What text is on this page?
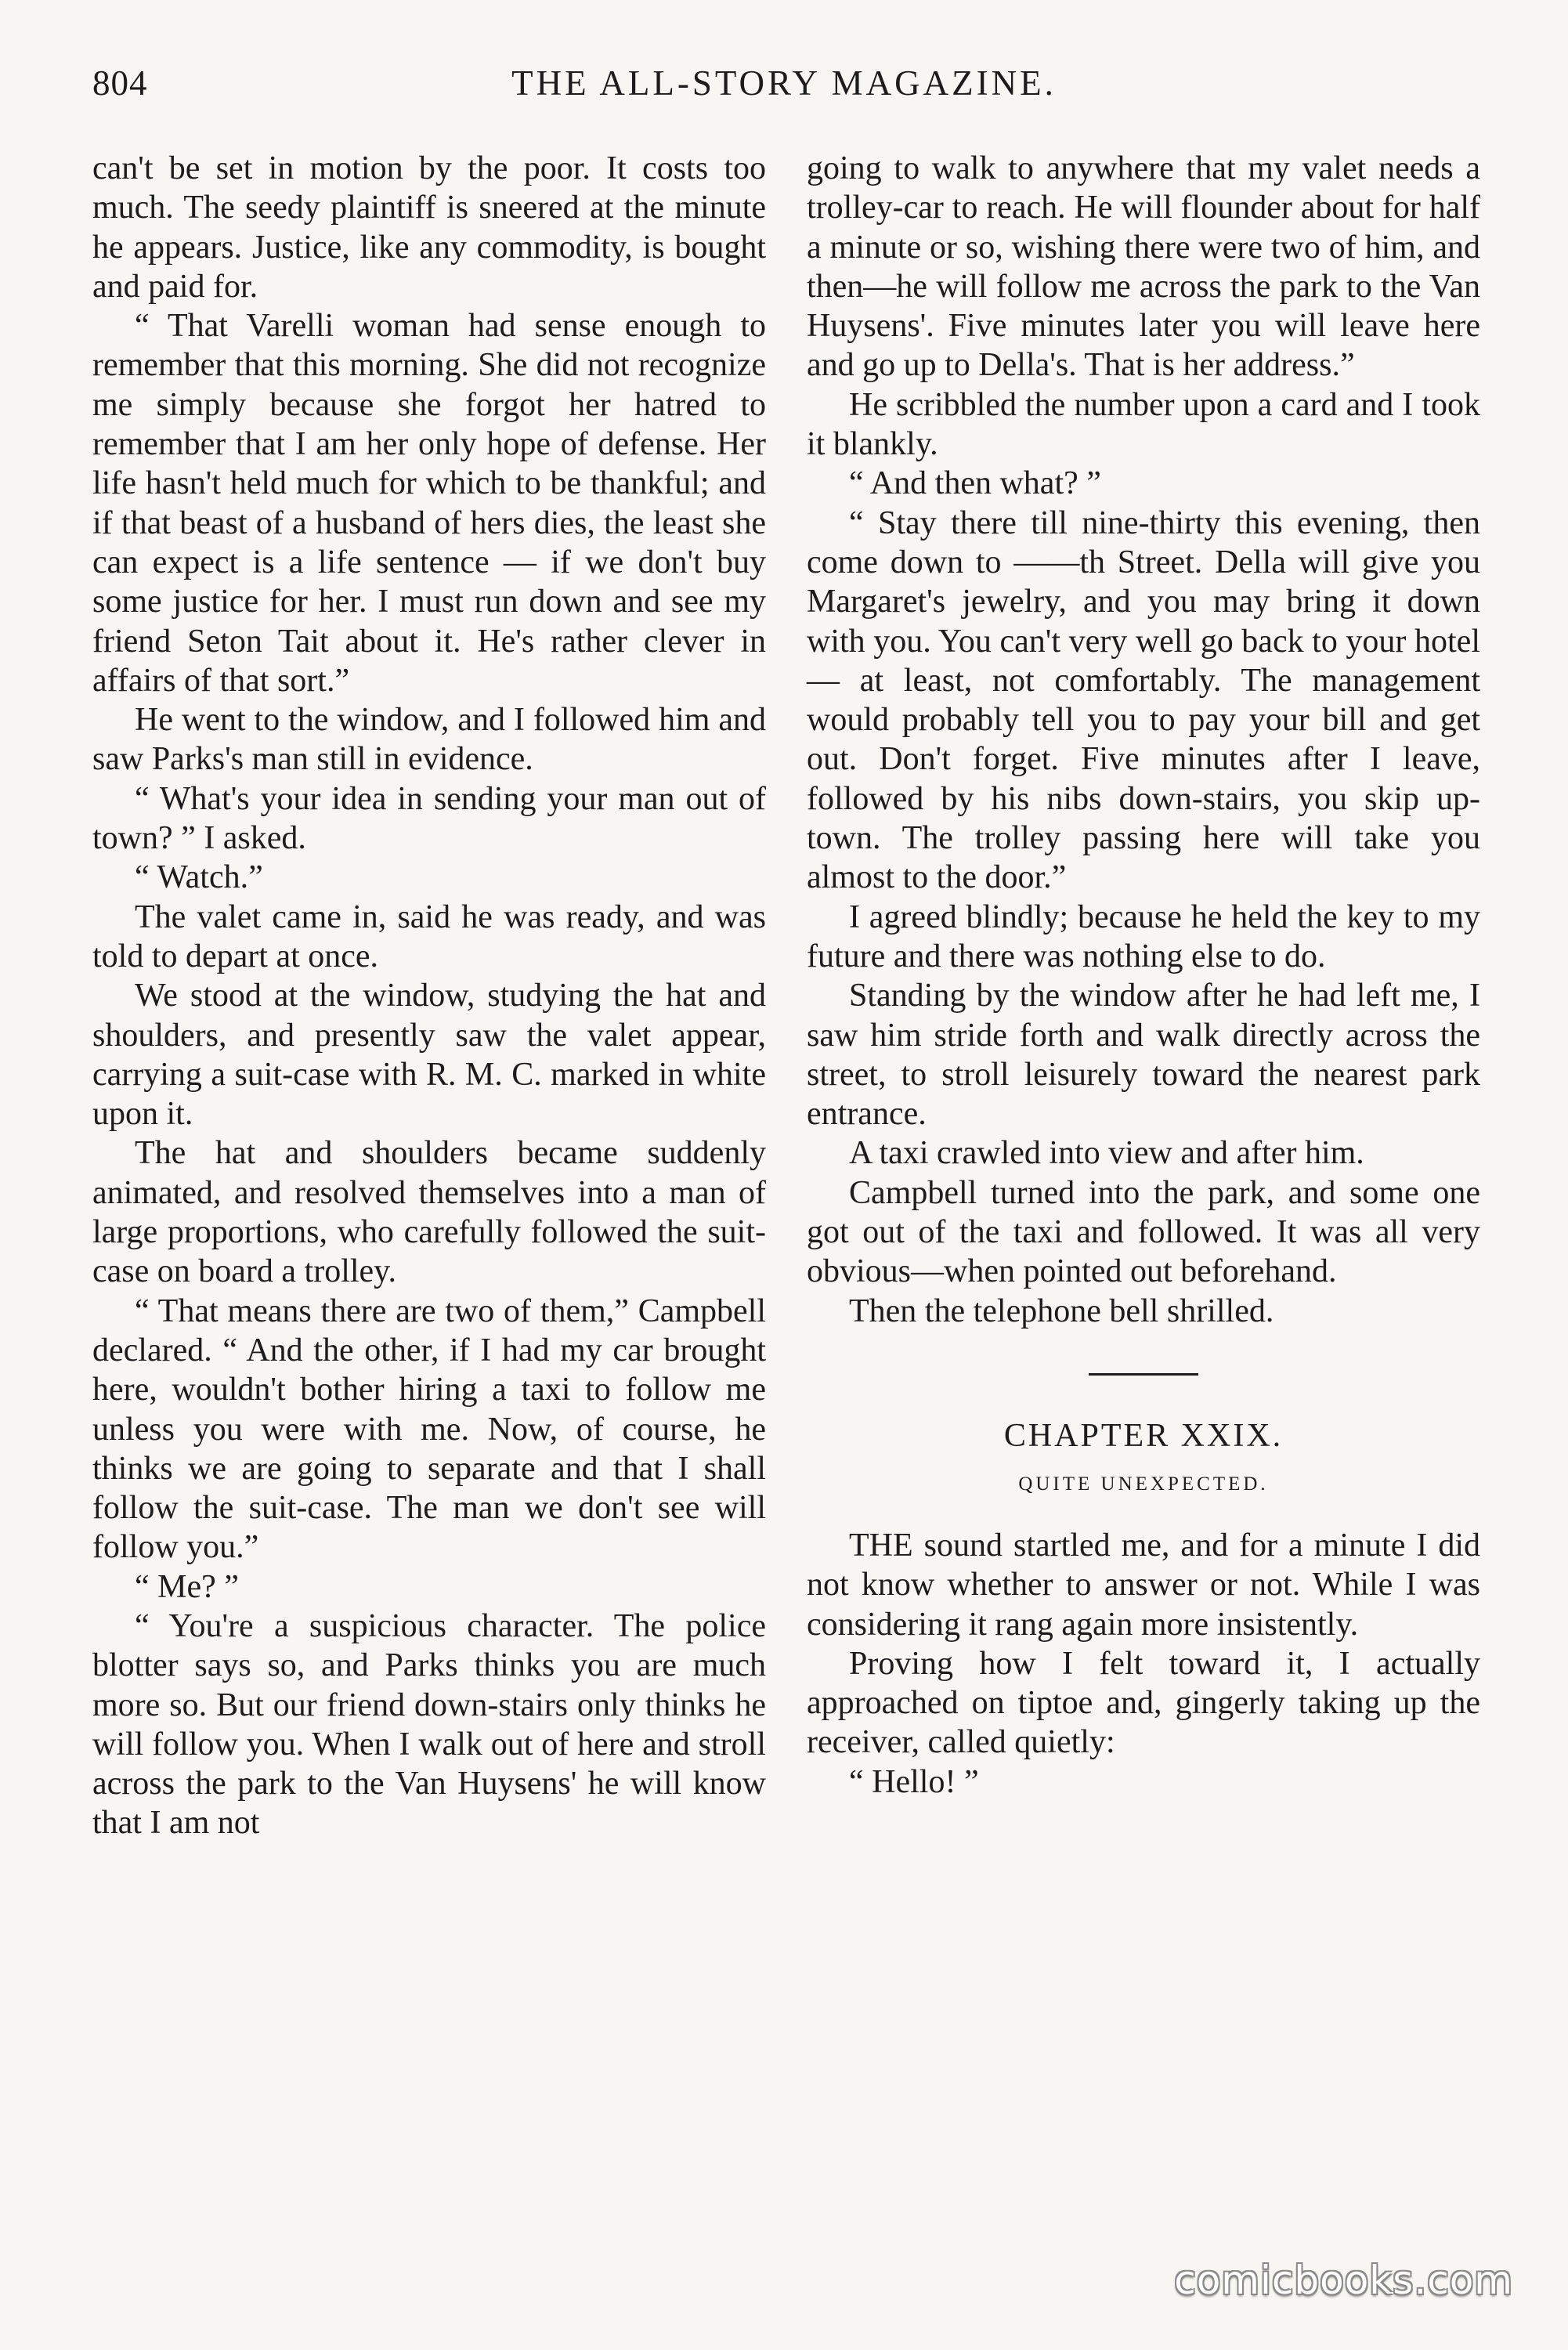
804	THE ALL-STORY MAGAZINE.

can't be set in motion by the poor. It costs too much. The seedy plaintiff is sneered at the minute he appears. Justice, like any commodity, is bought and paid for.

“ That Varelli woman had sense enough to remember that this morning. She did not recognize me simply because she forgot her hatred to remember that I am her only hope of defense. Her life hasn't held much for which to be thankful; and if that beast of a husband of hers dies, the least she can expect is a life sentence — if we don't buy some justice for her. I must run down and see my friend Seton Tait about it. He's rather clever in affairs of that sort.”

He went to the window, and I followed him and saw Parks's man still in evidence.

“ What's your idea in sending your man out of town? ” I asked.

“ Watch.”

The valet came in, said he was ready, and was told to depart at once.

We stood at the window, studying the hat and shoulders, and presently saw the valet appear, carrying a suit-case with R. M. C. marked in white upon it.

The hat and shoulders became suddenly animated, and resolved themselves into a man of large proportions, who carefully followed the suit-case on board a trolley.

“ That means there are two of them,” Campbell declared. “ And the other, if I had my car brought here, wouldn't bother hiring a taxi to follow me unless you were with me. Now, of course, he thinks we are going to separate and that I shall follow the suit-case. The man we don't see will follow you.”

“ Me? ”

“ You're a suspicious character. The police blotter says so, and Parks thinks you are much more so. But our friend down-stairs only thinks he will follow you. When I walk out of here and stroll across the park to the Van Huysens' he will know that I am not

going to walk to anywhere that my valet needs a trolley-car to reach. He will flounder about for half a minute or so, wishing there were two of him, and then—he will follow me across the park to the Van Huysens'. Five minutes later you will leave here and go up to Della's. That is her address.”

He scribbled the number upon a card and I took it blankly.

“ And then what? ”

“ Stay there till nine-thirty this evening, then come down to ——th Street. Della will give you Margaret's jewelry, and you may bring it down with you. You can't very well go back to your hotel — at least, not comfortably. The management would probably tell you to pay your bill and get out. Don't forget. Five minutes after I leave, followed by his nibs down-stairs, you skip up-town. The trolley passing here will take you almost to the door.”

I agreed blindly; because he held the key to my future and there was nothing else to do.

Standing by the window after he had left me, I saw him stride forth and walk directly across the street, to stroll leisurely toward the nearest park entrance.

A taxi crawled into view and after him.

Campbell turned into the park, and some one got out of the taxi and followed. It was all very obvious—when pointed out beforehand.

Then the telephone bell shrilled.

CHAPTER XXIX.
QUITE UNEXPECTED.

THE sound startled me, and for a minute I did not know whether to answer or not. While I was considering it rang again more insistently.

Proving how I felt toward it, I actually approached on tiptoe and, gingerly taking up the receiver, called quietly:

“ Hello! ”

comicbooks.com
